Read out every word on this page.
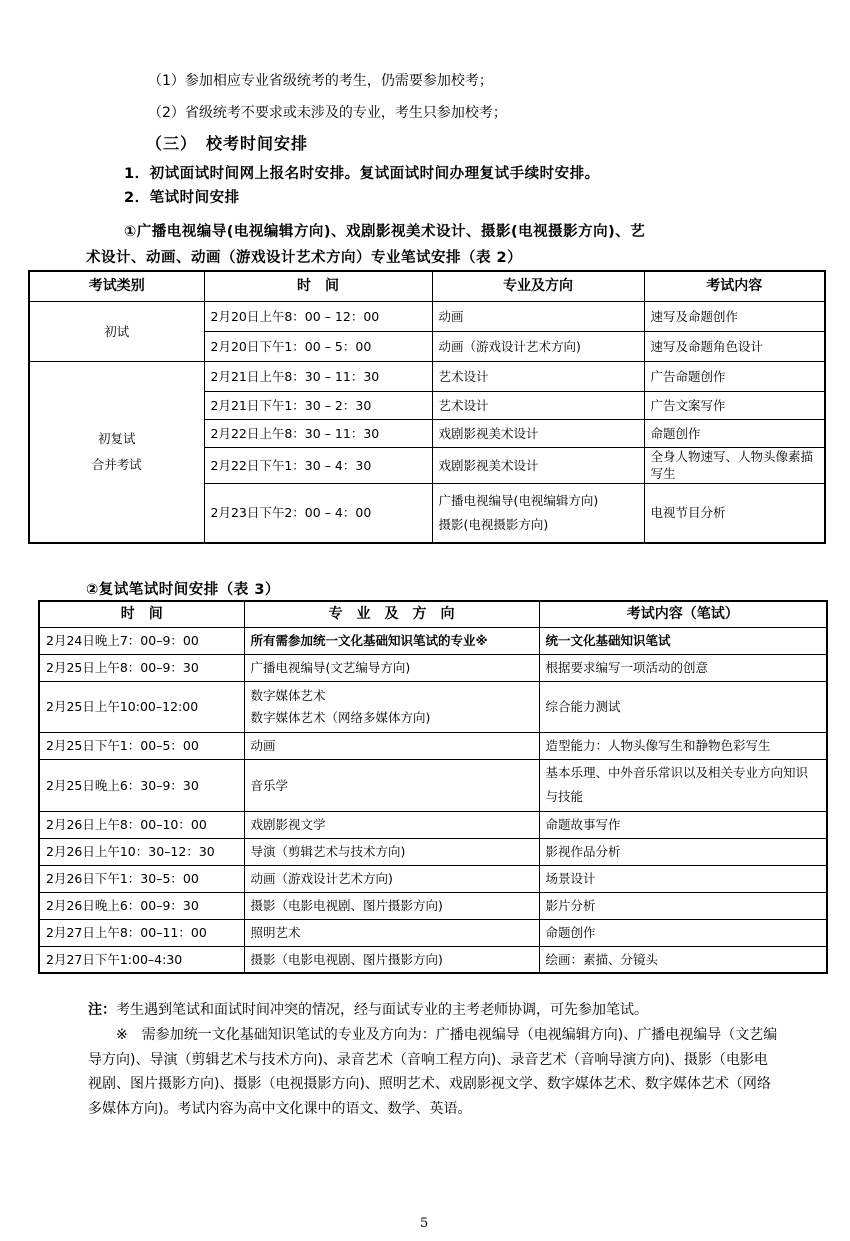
（1）参加相应专业省级统考的考生，仍需要参加校考；
（2）省级统考不要求或未涉及的专业，考生只参加校考；
（三）　校考时间安排
1．初试面试时间网上报名时安排。复试面试时间办理复试手续时安排。
2．笔试时间安排
①广播电视编导(电视编辑方向)、戏剧影视美术设计、摄影(电视摄影方向)、艺
术设计、动画、动画（游戏设计艺术方向）专业笔试安排（表 2）
考试类别	时　间	专业及方向	考试内容
初试	2月20日上午8：00 – 12：00	动画	速写及命题创作
	2月20日下午1：00 – 5：00	动画（游戏设计艺术方向)	速写及命题角色设计

初复试
合并考试	2月21日上午8：30 – 11：30	艺术设计	广告命题创作
	2月21日下午1：30 – 2：30	艺术设计	广告文案写作
	2月22日上午8：30 – 11：30	戏剧影视美术设计	命题创作
	2月22日下午1：30 – 4：30	戏剧影视美术设计	全身人物速写、人物头像素描写生
	2月23日下午2：00 – 4：00	广播电视编导(电视编辑方向)
摄影(电视摄影方向)	电视节目分析
②复试笔试时间安排（表 3）
时　间	专　业　及　方　向	考试内容（笔试）
2月24日晚上7：00–9：00	所有需参加统一文化基础知识笔试的专业※	统一文化基础知识笔试
2月25日上午8：00–9：30	广播电视编导(文艺编导方向)	根据要求编写一项活动的创意
2月25日上午10:00–12:00	数字媒体艺术
数字媒体艺术（网络多媒体方向)	综合能力测试
2月25日下午1：00–5：00	动画	造型能力：人物头像写生和静物色彩写生
2月25日晚上6：30–9：30	音乐学	基本乐理、中外音乐常识以及相关专业方向知识与技能
2月26日上午8：00–10：00	戏剧影视文学	命题故事写作
2月26日上午10：30–12：30	导演（剪辑艺术与技术方向)	影视作品分析
2月26日下午1：30–5：00	动画（游戏设计艺术方向)	场景设计
2月26日晚上6：00–9：30	摄影（电影电视剧、图片摄影方向)	影片分析
2月27日上午8：00–11：00	照明艺术	命题创作
2月27日下午1:00–4:30	摄影（电影电视剧、图片摄影方向)	绘画：素描、分镜头
注：考生遇到笔试和面试时间冲突的情况，经与面试专业的主考老师协调，可先参加笔试。
※　需参加统一文化基础知识笔试的专业及方向为：广播电视编导（电视编辑方向)、广播电视编导（文艺编导方向)、导演（剪辑艺术与技术方向)、录音艺术（音响工程方向)、录音艺术（音响导演方向)、摄影（电影电视剧、图片摄影方向)、摄影（电视摄影方向)、照明艺术、戏剧影视文学、数字媒体艺术、数字媒体艺术（网络多媒体方向)。考试内容为高中文化课中的语文、数学、英语。
5
